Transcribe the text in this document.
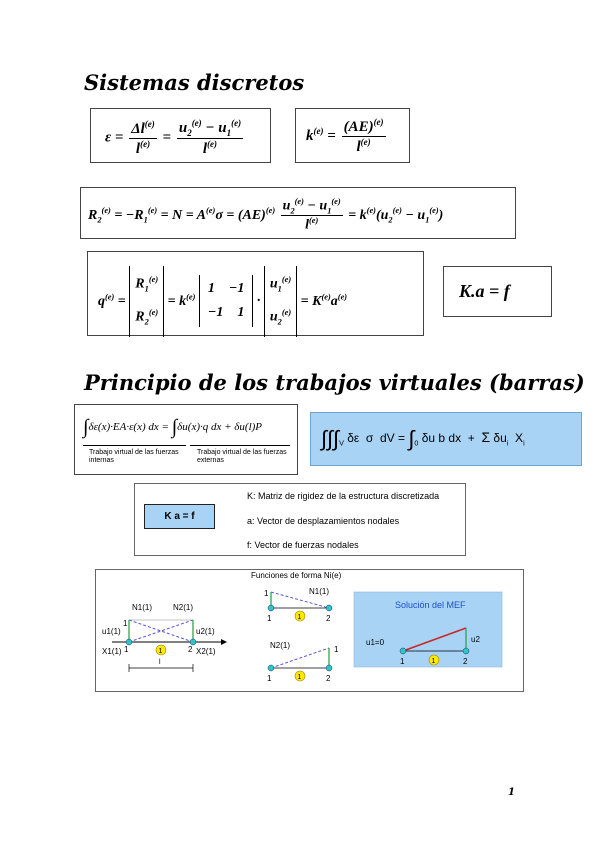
Sistemas discretos
$\varepsilon = \frac{\Delta l^{(e)}}{l^{(e)}} = \frac{u_2^{(e)} - u_1^{(e)}}{l^{(e)}}$	$k^{(e)} = \frac{(AE)^{(e)}}{l^{(e)}}$
$R_2^{(e)} = -R_1^{(e)} = N = A^{(e)}\sigma = (AE)^{(e)} \frac{u_2^{(e)} - u_1^{(e)}}{l^{(e)}} = k^{(e)}(u_2^{(e)} - u_1^{(e)})$
$q^{(e)} = R_1^{(e)}$
$R_2^{(e)} = k^{(e)}$ 1    −1
−1    $1 \cdot u_1^{(e)}$
$u_2^{(e)} = K^{(e)}a^{(e)}$	K.a = f
Principio de los trabajos virtuales (barras)
∫δε(x)·EA·ε(x) dx = ∫δu(x)·q dx + δu(l)P
Trabajo virtual de las fuerzas internas
Trabajo virtual de las fuerzas externas
$\int\int\int_V$ δε  σ  dV = $\int_0$ δu b dx  +  Σ $\delta u_i$  $X_i$
K a = f
K: Matriz de rigidez de la estructura discretizada
a: Vector de desplazamientos nodales
f: Vector de fuerzas nodales
1
N1(1)	N2(1)
u1(1)	u2(1)
X1(1)	X2(1)
1
1	2
l
Funciones de forma Ni(e)
1
1	N1(1)
1	2
1
1
N2(1)
1	2
Solución del MEF
1
u1=0	u2
1	2
1
